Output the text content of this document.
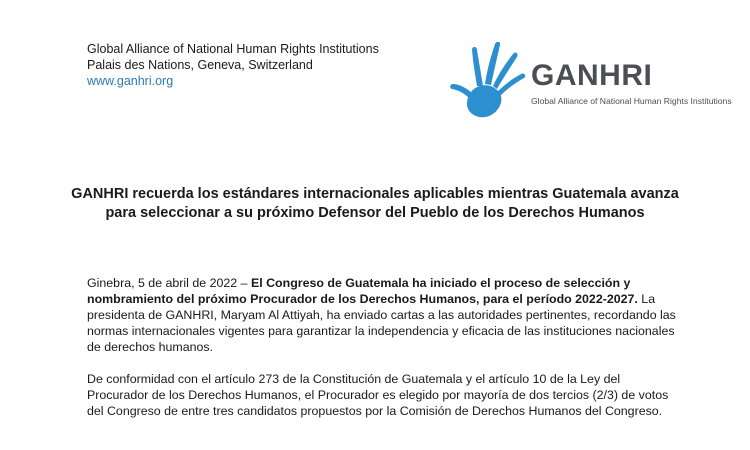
Global Alliance of National Human Rights Institutions
Palais des Nations, Geneva, Switzerland
www.ganhri.org	GANHRI
Global Alliance of National Human Rights Institutions
GANHRI recuerda los estándares internacionales aplicables mientras Guatemala avanza para seleccionar a su próximo Defensor del Pueblo de los Derechos Humanos
Ginebra, 5 de abril de 2022 – El Congreso de Guatemala ha iniciado el proceso de selección y nombramiento del próximo Procurador de los Derechos Humanos, para el período 2022-2027. La presidenta de GANHRI, Maryam Al Attiyah, ha enviado cartas a las autoridades pertinentes, recordando las normas internacionales vigentes para garantizar la independencia y eficacia de las instituciones nacionales de derechos humanos.
De conformidad con el artículo 273 de la Constitución de Guatemala y el artículo 10 de la Ley del Procurador de los Derechos Humanos, el Procurador es elegido por mayoría de dos tercios (2/3) de votos del Congreso de entre tres candidatos propuestos por la Comisión de Derechos Humanos del Congreso.
